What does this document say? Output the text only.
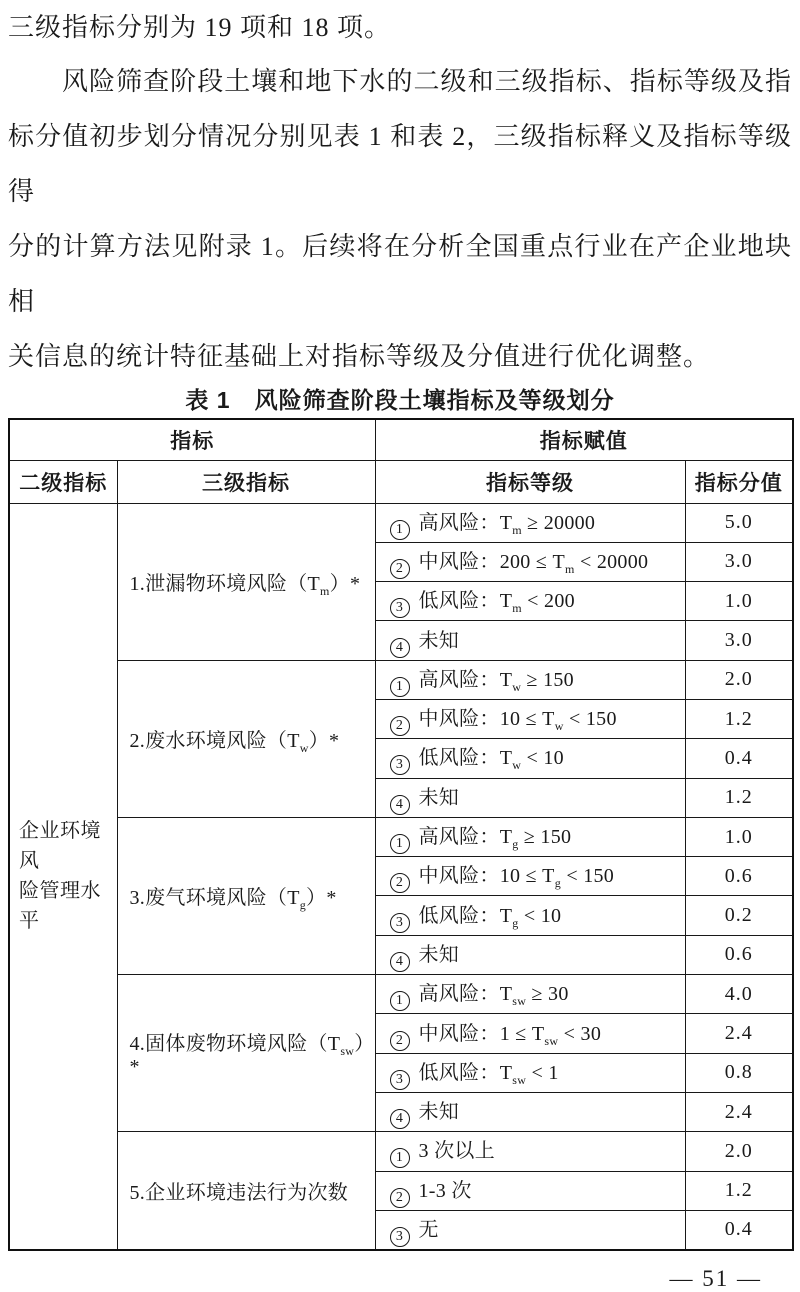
三级指标分别为 19 项和 18 项。
风险筛查阶段土壤和地下水的二级和三级指标、指标等级及指
标分值初步划分情况分别见表 1 和表 2，三级指标释义及指标等级得
分的计算方法见附录 1。后续将在分析全国重点行业在产企业地块相
关信息的统计特征基础上对指标等级及分值进行优化调整。
表 1　风险筛查阶段土壤指标及等级划分
指标		指标赋值	
二级指标	三级指标	指标等级	指标分值

企业环境风
险管理水平	1.泄漏物环境风险$(T_m)*$	1 高风险：$T_m \ge 20000$	5.0
		2 中风险：$200 \le T_m < 20000$	3.0
		3 低风险：$T_m < 200$	1.0
		4 未知	3.0
	2.废水环境风险$(T_w)*$	1 高风险：$T_w \ge 150$	2.0
		2 中风险：$10 \le T_w < 150$	1.2
		3 低风险：$T_w < 10$	0.4
		4 未知	1.2
	3.废气环境风险$(T_g)*$	1 高风险：$T_g \ge 150$	1.0
		2 中风险：$10 \le T_g < 150$	0.6
		3 低风险：$T_g < 10$	0.2
		4 未知	0.6
	4.固体废物环境风险$(T_{sw})*$	1 高风险：$T_{sw} \ge 30$	4.0
		2 中风险：$1 \le T_{sw} < 30$	2.4
		3 低风险：$T_{sw} < 1$	0.8
		4 未知	2.4
	5.企业环境违法行为次数	1 3 次以上	2.0
		2 1-3 次	1.2
		3 无	0.4
— 51 —
